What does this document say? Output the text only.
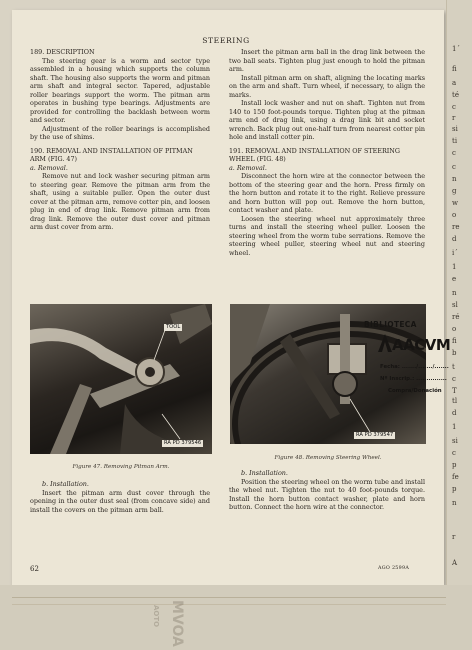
1´
fi
a
té
c
r
si
ti
c
c
n
g
w
o
re
d
i´
1
e
n
sl
ré
o
fi
b
t
c
T
tl
d
1
si
c
p
fe
p
n
r
A
MVOA
AOTO
STEERING

189. DESCRIPTION

The steering gear is a worm and sector type assembled in a housing which supports the column shaft. The housing also supports the worm and pitman arm shaft and integral sector. Tapered, adjustable roller bearings support the worm. The pitman arm operates in bushing type bearings. Adjustments are provided for controlling the backlash between worm and sector.

Adjustment of the roller bearings is accomplished by the use of shims.

190. REMOVAL AND INSTALLATION OF PITMAN ARM (FIG. 47)

a. Removal.

Remove nut and lock washer securing pitman arm to steering gear. Remove the pitman arm from the shaft, using a suitable puller. Open the outer dust cover at the pitman arm, remove cotter pin, and loosen plug in end of drag link. Remove pitman arm from drag link. Remove the outer dust cover and pitman arm dust cover from arm.

Insert the pitman arm ball in the drag link between the two ball seats. Tighten plug just enough to hold the pitman arm.

Install pitman arm on shaft, aligning the locating marks on the arm and shaft. Turn wheel, if necessary, to align the marks.

Install lock washer and nut on shaft. Tighten nut from 140 to 150 foot-pounds torque. Tighten plug at the pitman arm end of drag link, using a drag link bit and socket wrench. Back plug out one-half turn from nearest cotter pin hole and install cotter pin.

191. REMOVAL AND INSTALLATION OF STEERING WHEEL (FIG. 48)

a. Removal.

Disconnect the horn wire at the connector between the bottom of the steering gear and the horn. Press firmly on the horn button and rotate it to the right. Relieve pressure and horn button will pop out. Remove the horn button, contact washer and plate.

Loosen the steering wheel nut approximately three turns and install the steering wheel puller. Loosen the steering wheel from the worm tube serrations. Remove the steering wheel puller, steering wheel nut and steering wheel.

TOOL
RA PD 379546
Figure 47. Removing Pitman Arm.
RA PD 379547
Figure 48. Removing Steering Wheel.

b. Installation.

Insert the pitman arm dust cover through the opening in the outer dust seal (from concave side) and install the covers on the pitman arm ball.

b. Installation.

Position the steering wheel on the worm tube and install the wheel nut. Tighten the nut to 40 foot-pounds torque. Install the horn button contact washer, plate and horn button. Connect the horn wire at the connector.

62	AGO 2599A
BIBLIOTECA
AACVM
Fecha: ......./......./.......
Nº Inscrip.: ...............
Compra/Donación
